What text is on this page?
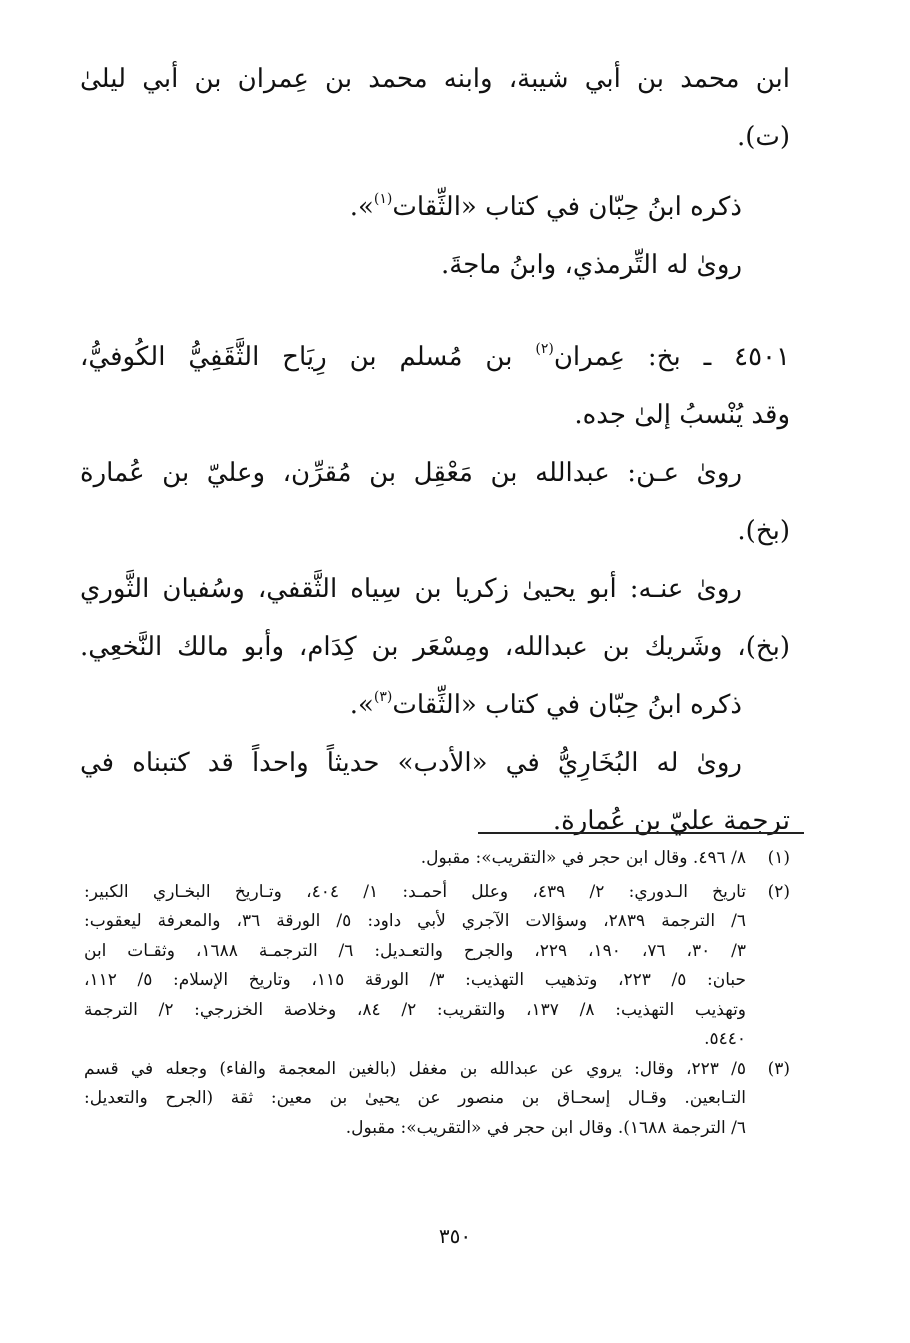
ابن محمد بن أبي شيبة، وابنه محمد بن عِمران بن أبي ليلىٰ
(ت).
ذكره ابنُ حِبّان في كتاب «الثِّقات$^{(١)}$».
روىٰ له التِّرمذي، وابنُ ماجةَ.
٤٥٠١ ـ بخ: عِمران$^{(٢)}$ بن مُسلم بن رِيَاح الثَّقَفِيُّ الكُوفيُّ،
وقد يُنْسبُ إلىٰ جده.
روىٰ عـن: عبدالله بن مَعْقِل بن مُقرِّن، وعليّ بن عُمارة
(بخ).
روىٰ عنـه: أبو يحيىٰ زكريا بن سِياه الثَّقفي، وسُفيان الثَّوري
(بخ)، وشَريك بن عبدالله، ومِسْعَر بن كِدَام، وأبو مالك النَّخعِي.
ذكره ابنُ حِبّان في كتاب «الثِّقات$^{(٣)}$».
روىٰ له البُخَارِيُّ في «الأدب» حديثاً واحداً قد كتبناه في
ترجمة عليّ بن عُمارة.
(١)
٨/ ٤٩٦. وقال ابن حجر في «التقريب»: مقبول.
(٢)
تاريخ الـدوري: ٢/ ٤٣٩، وعلل أحمـد: ١/ ٤٠٤، وتـاريخ البخـاري الكبير:
٦/ الترجمة ٢٨٣٩، وسؤالات الآجري لأبي داود: ٥/ الورقة ٣٦، والمعرفة ليعقوب:
٣/ ٣٠، ٧٦، ١٩٠، ٢٢٩، والجرح والتعـديل: ٦/ الترجمـة ١٦٨٨، وثقـات ابن
حبان: ٥/ ٢٢٣، وتذهيب التهذيب: ٣/ الورقة ١١٥، وتاريخ الإسلام: ٥/ ١١٢،
وتهذيب التهذيب: ٨/ ١٣٧، والتقريب: ٢/ ٨٤، وخلاصة الخزرجي: ٢/ الترجمة
٥٤٤٠.
(٣)
٥/ ٢٢٣، وقال: يروي عن عبدالله بن مغفل (بالغين المعجمة والفاء) وجعله في قسم
التـابعين. وقـال إسحـاق بن منصور عن يحيىٰ بن معين: ثقة (الجرح والتعديل:
٦/ الترجمة ١٦٨٨). وقال ابن حجر في «التقريب»: مقبول.
٣٥٠
